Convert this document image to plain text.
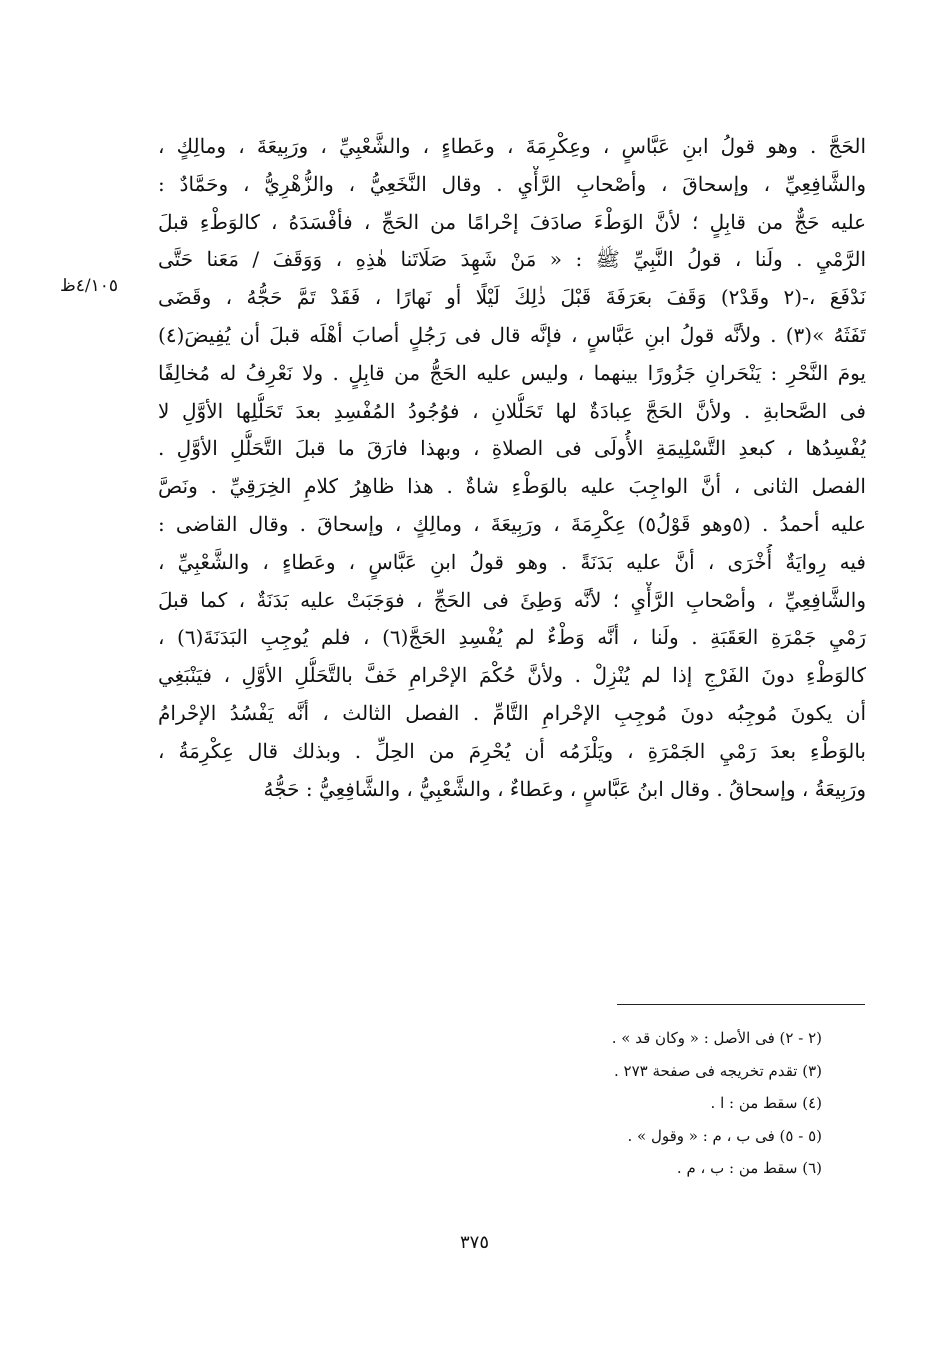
الحَجَّ . وهو قولُ ابنِ عَبَّاسٍ ، وعِكْرِمَةَ ، وعَطاءٍ ، والشَّعْبِيِّ ، ورَبِيعَةَ ، ومالِكٍ ،
والشَّافِعِيِّ ، وإسحاقَ ، وأصْحابِ الرَّأْيِ . وقال النَّخَعِيُّ ، والزُّهْرِيُّ ، وحَمَّادٌ :
عليه حَجٌّ من قابِلٍ ؛ لأنَّ الوَطْءَ صادَفَ إحْرامًا من الحَجِّ ، فأفْسَدَهُ ، كالوَطْءِ قبلَ
الرَّمْيِ . ولَنا ، قولُ النَّبِيِّ ﷺ : « مَنْ شَهِدَ صَلَاتَنا هٰذِهِ ، وَوَقَفَ / مَعَنا حَتَّى
نَدْفَعَ ،-(٢ وقَدْ٢) وَقَفَ بعَرَفَةَ قَبْلَ ذٰلِكَ لَيْلًا أو نَهارًا ، فَقَدْ تَمَّ حَجُّهُ ، وقَضَى
تَفَثَهُ »(٣) . ولأنَّه قولُ ابنِ عَبَّاسٍ ، فإنَّه قال فى رَجُلٍ أصابَ أهْلَه قبلَ أن يُفِيضَ(٤)
يومَ النَّحْرِ : يَنْحَرانِ جَزُورًا بينهما ، وليس عليه الحَجُّ من قابِلٍ . ولا نَعْرِفُ له مُخالِفًا
فى الصَّحابةِ . ولأنَّ الحَجَّ عِبادَةٌ لها تَحَلُّلانِ ، فوُجُودُ المُفْسِدِ بعدَ تَحَلُّلِها الأوَّلِ لا
يُفْسِدُها ، كبعدِ التَّسْلِيمَةِ الأُولَى فى الصلاةِ ، وبهذا فارَقَ ما قبلَ التَّحَلُّلِ الأوَّلِ .
الفصل الثانى ، أنَّ الواجِبَ عليه بالوَطْءِ شاةٌ . هذا ظاهِرُ كلامِ الخِرَقِيِّ . ونَصَّ
عليه أحمدُ . (٥وهو قَوْلُ٥) عِكْرِمَةَ ، ورَبِيعَةَ ، ومالِكٍ ، وإسحاقَ . وقال القاضى :
فيه رِوايَةٌ أُخْرَى ، أنَّ عليه بَدَنَةً . وهو قولُ ابنِ عَبَّاسٍ ، وعَطاءٍ ، والشَّعْبِيِّ ،
والشَّافِعِيِّ ، وأصْحابِ الرَّأْيِ ؛ لأنَّه وَطِئَ فى الحَجِّ ، فوَجَبَتْ عليه بَدَنَةٌ ، كما قبلَ
رَمْيِ جَمْرَةِ العَقَبَةِ . ولَنا ، أنَّه وَطْءٌ لم يُفْسِدِ الحَجَّ(٦) ، فلم يُوجِبِ البَدَنَةَ(٦) ،
كالوَطْءِ دونَ الفَرْجِ إذا لم يُنْزِلْ . ولأنَّ حُكْمَ الإحْرامِ خَفَّ بالتَّحَلُّلِ الأوَّلِ ، فيَنْبَغِي
أن يكونَ مُوجِبُه دونَ مُوجِبِ الإحْرامِ التَّامِّ . الفصل الثالث ، أنَّه يَفْسُدُ الإحْرامُ
بالوَطْءِ بعدَ رَمْيِ الجَمْرَةِ ، ويَلْزَمُه أن يُحْرِمَ من الحِلِّ . وبذلك قال عِكْرِمَةُ ،
ورَبِيعَةُ ، وإسحاقُ . وقال ابنُ عَبَّاسٍ ، وعَطاءٌ ، والشَّعْبِيُّ ، والشَّافِعِيُّ : حَجُّهُ
٤/١٠٥ظ
(٢ - ٢) فى الأصل : « وكان قد » .
(٣) تقدم تخريجه فى صفحة ٢٧٣ .
(٤) سقط من : ا .
(٥ - ٥) فى ب ، م : « وقول » .
(٦) سقط من : ب ، م .
٣٧٥
